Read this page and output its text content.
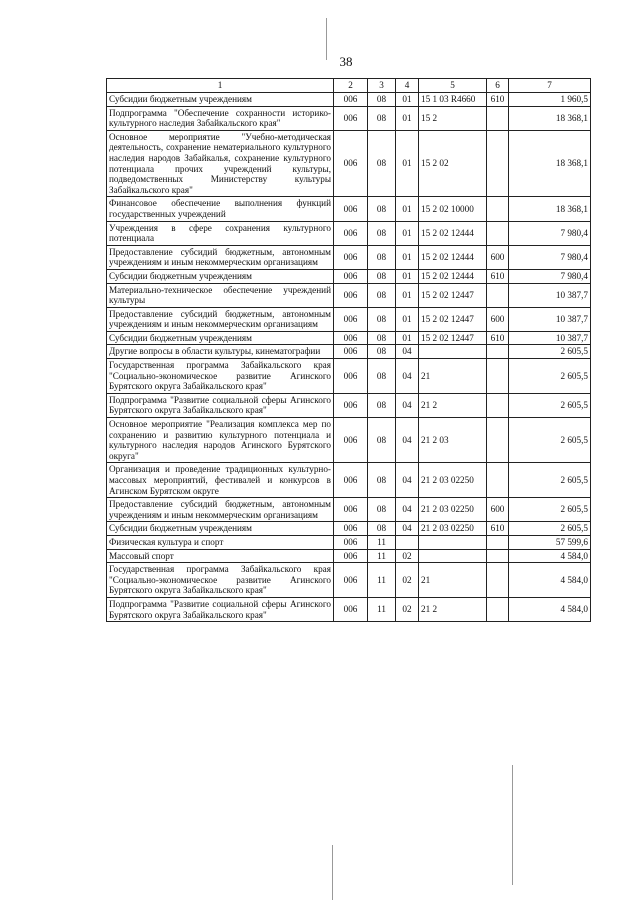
38
1	2	3	4	5	6	7
Субсидии бюджетным учреждениям	006	08	01	15 1 03 R4660	610	1 960,5
Подпрограмма "Обеспечение сохранности историко-культурного наследия Забайкальского края"	006	08	01	15 2		18 368,1
Основное мероприятие "Учебно-методическая деятельность, сохранение нематериального культурного наследия народов Забайкалья, сохранение культурного потенциала прочих учреждений культуры, подведомственных Министерству культуры Забайкальского края"	006	08	01	15 2 02		18 368,1
Финансовое обеспечение выполнения функций государственных учреждений	006	08	01	15 2 02 10000		18 368,1
Учреждения в сфере сохранения культурного потенциала	006	08	01	15 2 02 12444		7 980,4
Предоставление субсидий бюджетным, автономным учреждениям и иным некоммерческим организациям	006	08	01	15 2 02 12444	600	7 980,4
Субсидии бюджетным учреждениям	006	08	01	15 2 02 12444	610	7 980,4
Материально-техническое обеспечение учреждений культуры	006	08	01	15 2 02 12447		10 387,7
Предоставление субсидий бюджетным, автономным учреждениям и иным некоммерческим организациям	006	08	01	15 2 02 12447	600	10 387,7
Субсидии бюджетным учреждениям	006	08	01	15 2 02 12447	610	10 387,7
Другие вопросы в области культуры, кинематографии	006	08	04			2 605,5
Государственная программа Забайкальского края "Социально-экономическое развитие Агинского Бурятского округа Забайкальского края"	006	08	04	21		2 605,5
Подпрограмма "Развитие социальной сферы Агинского Бурятского округа Забайкальского края"	006	08	04	21 2		2 605,5
Основное мероприятие "Реализация комплекса мер по сохранению и развитию культурного потенциала и культурного наследия народов Агинского Бурятского округа"	006	08	04	21 2 03		2 605,5
Организация и проведение традиционных культурно-массовых мероприятий, фестивалей и конкурсов в Агинском Бурятском округе	006	08	04	21 2 03 02250		2 605,5
Предоставление субсидий бюджетным, автономным учреждениям и иным некоммерческим организациям	006	08	04	21 2 03 02250	600	2 605,5
Субсидии бюджетным учреждениям	006	08	04	21 2 03 02250	610	2 605,5
Физическая культура и спорт	006	11				57 599,6
Массовый спорт	006	11	02			4 584,0
Государственная программа Забайкальского края "Социально-экономическое развитие Агинского Бурятского округа Забайкальского края"	006	11	02	21		4 584,0
Подпрограмма "Развитие социальной сферы Агинского Бурятского округа Забайкальского края"	006	11	02	21 2		4 584,0
